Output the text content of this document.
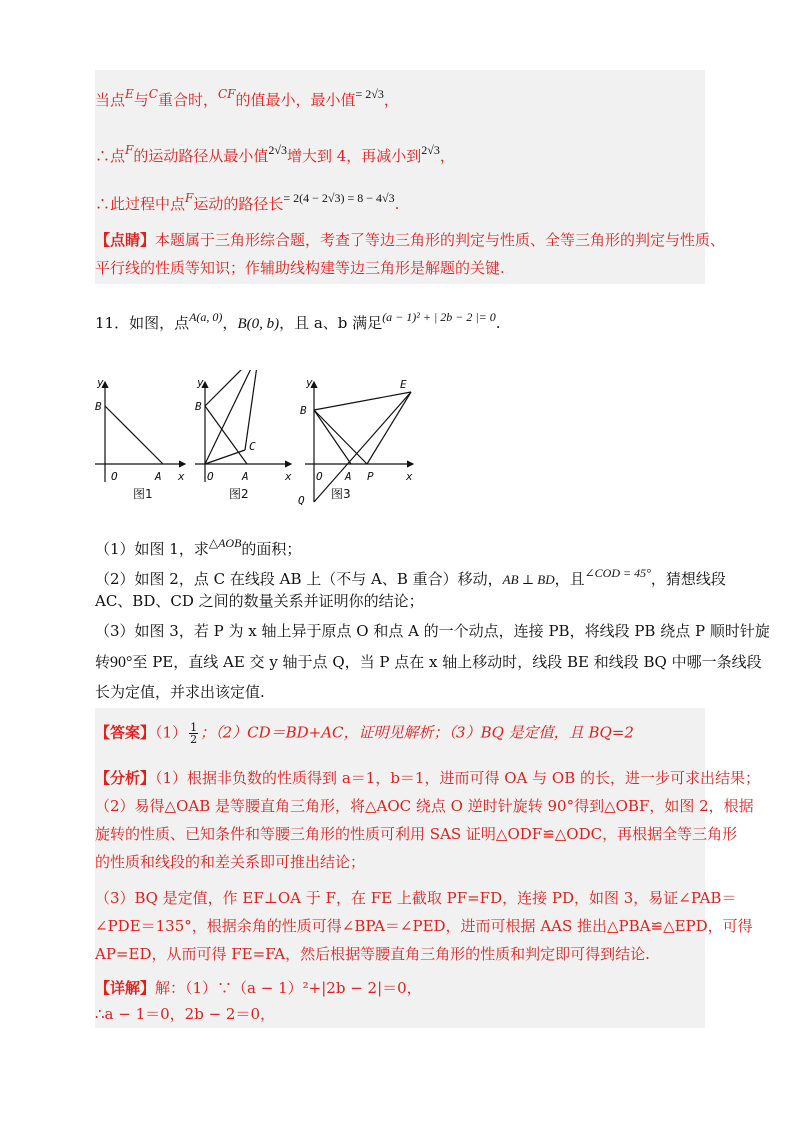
当点$^E$与$^C$重合时，$^{CF}$的值最小，最小值$^{= 2√3}$，
∴点$^F$的运动路径从最小值$^{2√3}$增大到 4，再减小到$^{2√3}$，
∴此过程中点$^F$运动的路径长$^{= 2(4 - 2√3) = 8 - 4√3}$.
【点睛】本题属于三角形综合题，考查了等边三角形的判定与性质、全等三角形的判定与性质、
平行线的性质等知识；作辅助线构建等边三角形是解题的关键.
11．如图，点$^{A(a, 0)}$，B(0, b)，且 a、b 满足$^{(a - 1)^2 + | 2b - 2 |= 0}$.
y
B
O	A x
图1
y
B
C
O	A	x
图2
y
B
E
O A P	x
Q 图3
（1）如图 1，求$^{\triangle AOB}$的面积；
（2）如图 2，点 C 在线段 AB 上（不与 A、B 重合）移动，AB ⊥ BD，且$^{\angle COD = 45^\circ}$，猜想线段
AC、BD、CD 之间的数量关系并证明你的结论；
（3）如图 3，若 P 为 x 轴上异于原点 O 和点 A 的一个动点，连接 PB，将线段 PB 绕点 P 顺时针旋
转90°至 PE，直线 AE 交 y 轴于点 Q，当 P 点在 x 轴上移动时，线段 BE 和线段 BQ 中哪一条线段
长为定值，并求出该定值.
【答案】$(1) \frac{1}{2}$ ；（2）CD＝BD+AC，证明见解析；（3）BQ 是定值，且 BQ=2
【分析】（1）根据非负数的性质得到 a＝1，b＝1，进而可得 OA 与 OB 的长，进一步可求出结果；
（2）易得△OAB 是等腰直角三角形，将△AOC 绕点 O 逆时针旋转 90°得到△OBF，如图 2，根据
旋转的性质、已知条件和等腰三角形的性质可利用 SAS 证明△ODF≌△ODC，再根据全等三角形
的性质和线段的和差关系即可推出结论；
（3）BQ 是定值，作 EF⊥OA 于 F，在 FE 上截取 PF=FD，连接 PD，如图 3，易证∠PAB＝
∠PDE＝135°，根据余角的性质可得∠BPA＝∠PED，进而可根据 AAS 推出△PBA≌△EPD，可得
AP=ED，从而可得 FE=FA，然后根据等腰直角三角形的性质和判定即可得到结论.
【详解】解：（1）∵（a − 1）²+|2b − 2|＝0，
∴a − 1＝0，2b − 2＝0，
